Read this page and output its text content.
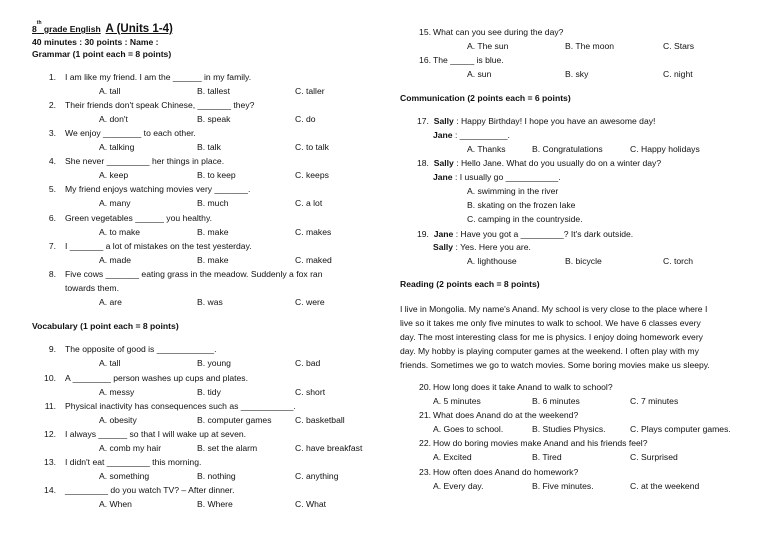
8th grade English A (Units 1-4)
40 minutes : 30 points : Name :
Grammar (1 point each = 8 points)
1. I am like my friend. I am the ______ in my family.
A. tall	B. tallest	C. taller
2. Their friends don't speak Chinese, _______ they?
A. don't	B. speak	C. do
3. We enjoy ________ to each other.
A. talking	B. talk	C. to talk
4. She never _________ her things in place.
A. keep	B. to keep	C. keeps
5. My friend enjoys watching movies very _______.
A. many	B. much	C. a lot
6. Green vegetables ______ you healthy.
A. to make	B. make	C. makes
7. I _______ a lot of mistakes on the test yesterday.
A. made	B. make	C. maked
8. Five cows _______ eating grass in the meadow. Suddenly a fox ran
towards them.
A. are	B. was	C. were
Vocabulary (1 point each = 8 points)
9. The opposite of good is ____________.
A. tall	B. young	C. bad
10. A ________ person washes up cups and plates.
A. messy	B. tidy	C. short
11. Physical inactivity has consequences such as ___________.
A. obesity	B. computer games	C. basketball
12. I always ______ so that I will wake up at seven.
A. comb my hair	B. set the alarm	C. have breakfast
13. I didn't eat _________ this morning.
A. something	B. nothing	C. anything
14. _________ do you watch TV? – After dinner.
A. When	B. Where	C. What
15. What can you see during the day?
A. The sun	B. The moon	C. Stars
16. The _____ is blue.
A. sun	B. sky	C. night
Communication (2 points each = 6 points)
17. Sally : Happy Birthday! I hope you have an awesome day!
Jane : __________.
A. Thanks	B. Congratulations	C. Happy holidays
18. Sally : Hello Jane. What do you usually do on a winter day?
Jane : I usually go ___________.
A. swimming in the river
B. skating on the frozen lake
C. camping in the countryside.
19. Jane : Have you got a _________? It's dark outside.
Sally : Yes. Here you are.
A. lighthouse	B. bicycle	C. torch
Reading (2 points each = 8 points)
I live in Mongolia. My name's Anand. My school is very close to the place where I
live so it takes me only five minutes to walk to school. We have 6 classes every
day. The most interesting class for me is physics. I enjoy doing homework every
day. My hobby is playing computer games at the weekend. I often play with my
friends. Sometimes we go to watch movies. Some boring movies make us sleepy.
20. How long does it take Anand to walk to school?
A. 5 minutes	B. 6 minutes	C. 7 minutes
21. What does Anand do at the weekend?
A. Goes to school.	B. Studies Physics.	C. Plays computer games.
22. How do boring movies make Anand and his friends feel?
A. Excited	B. Tired	C. Surprised
23. How often does Anand do homework?
A. Every day.	B. Five minutes.	C. at the weekend
